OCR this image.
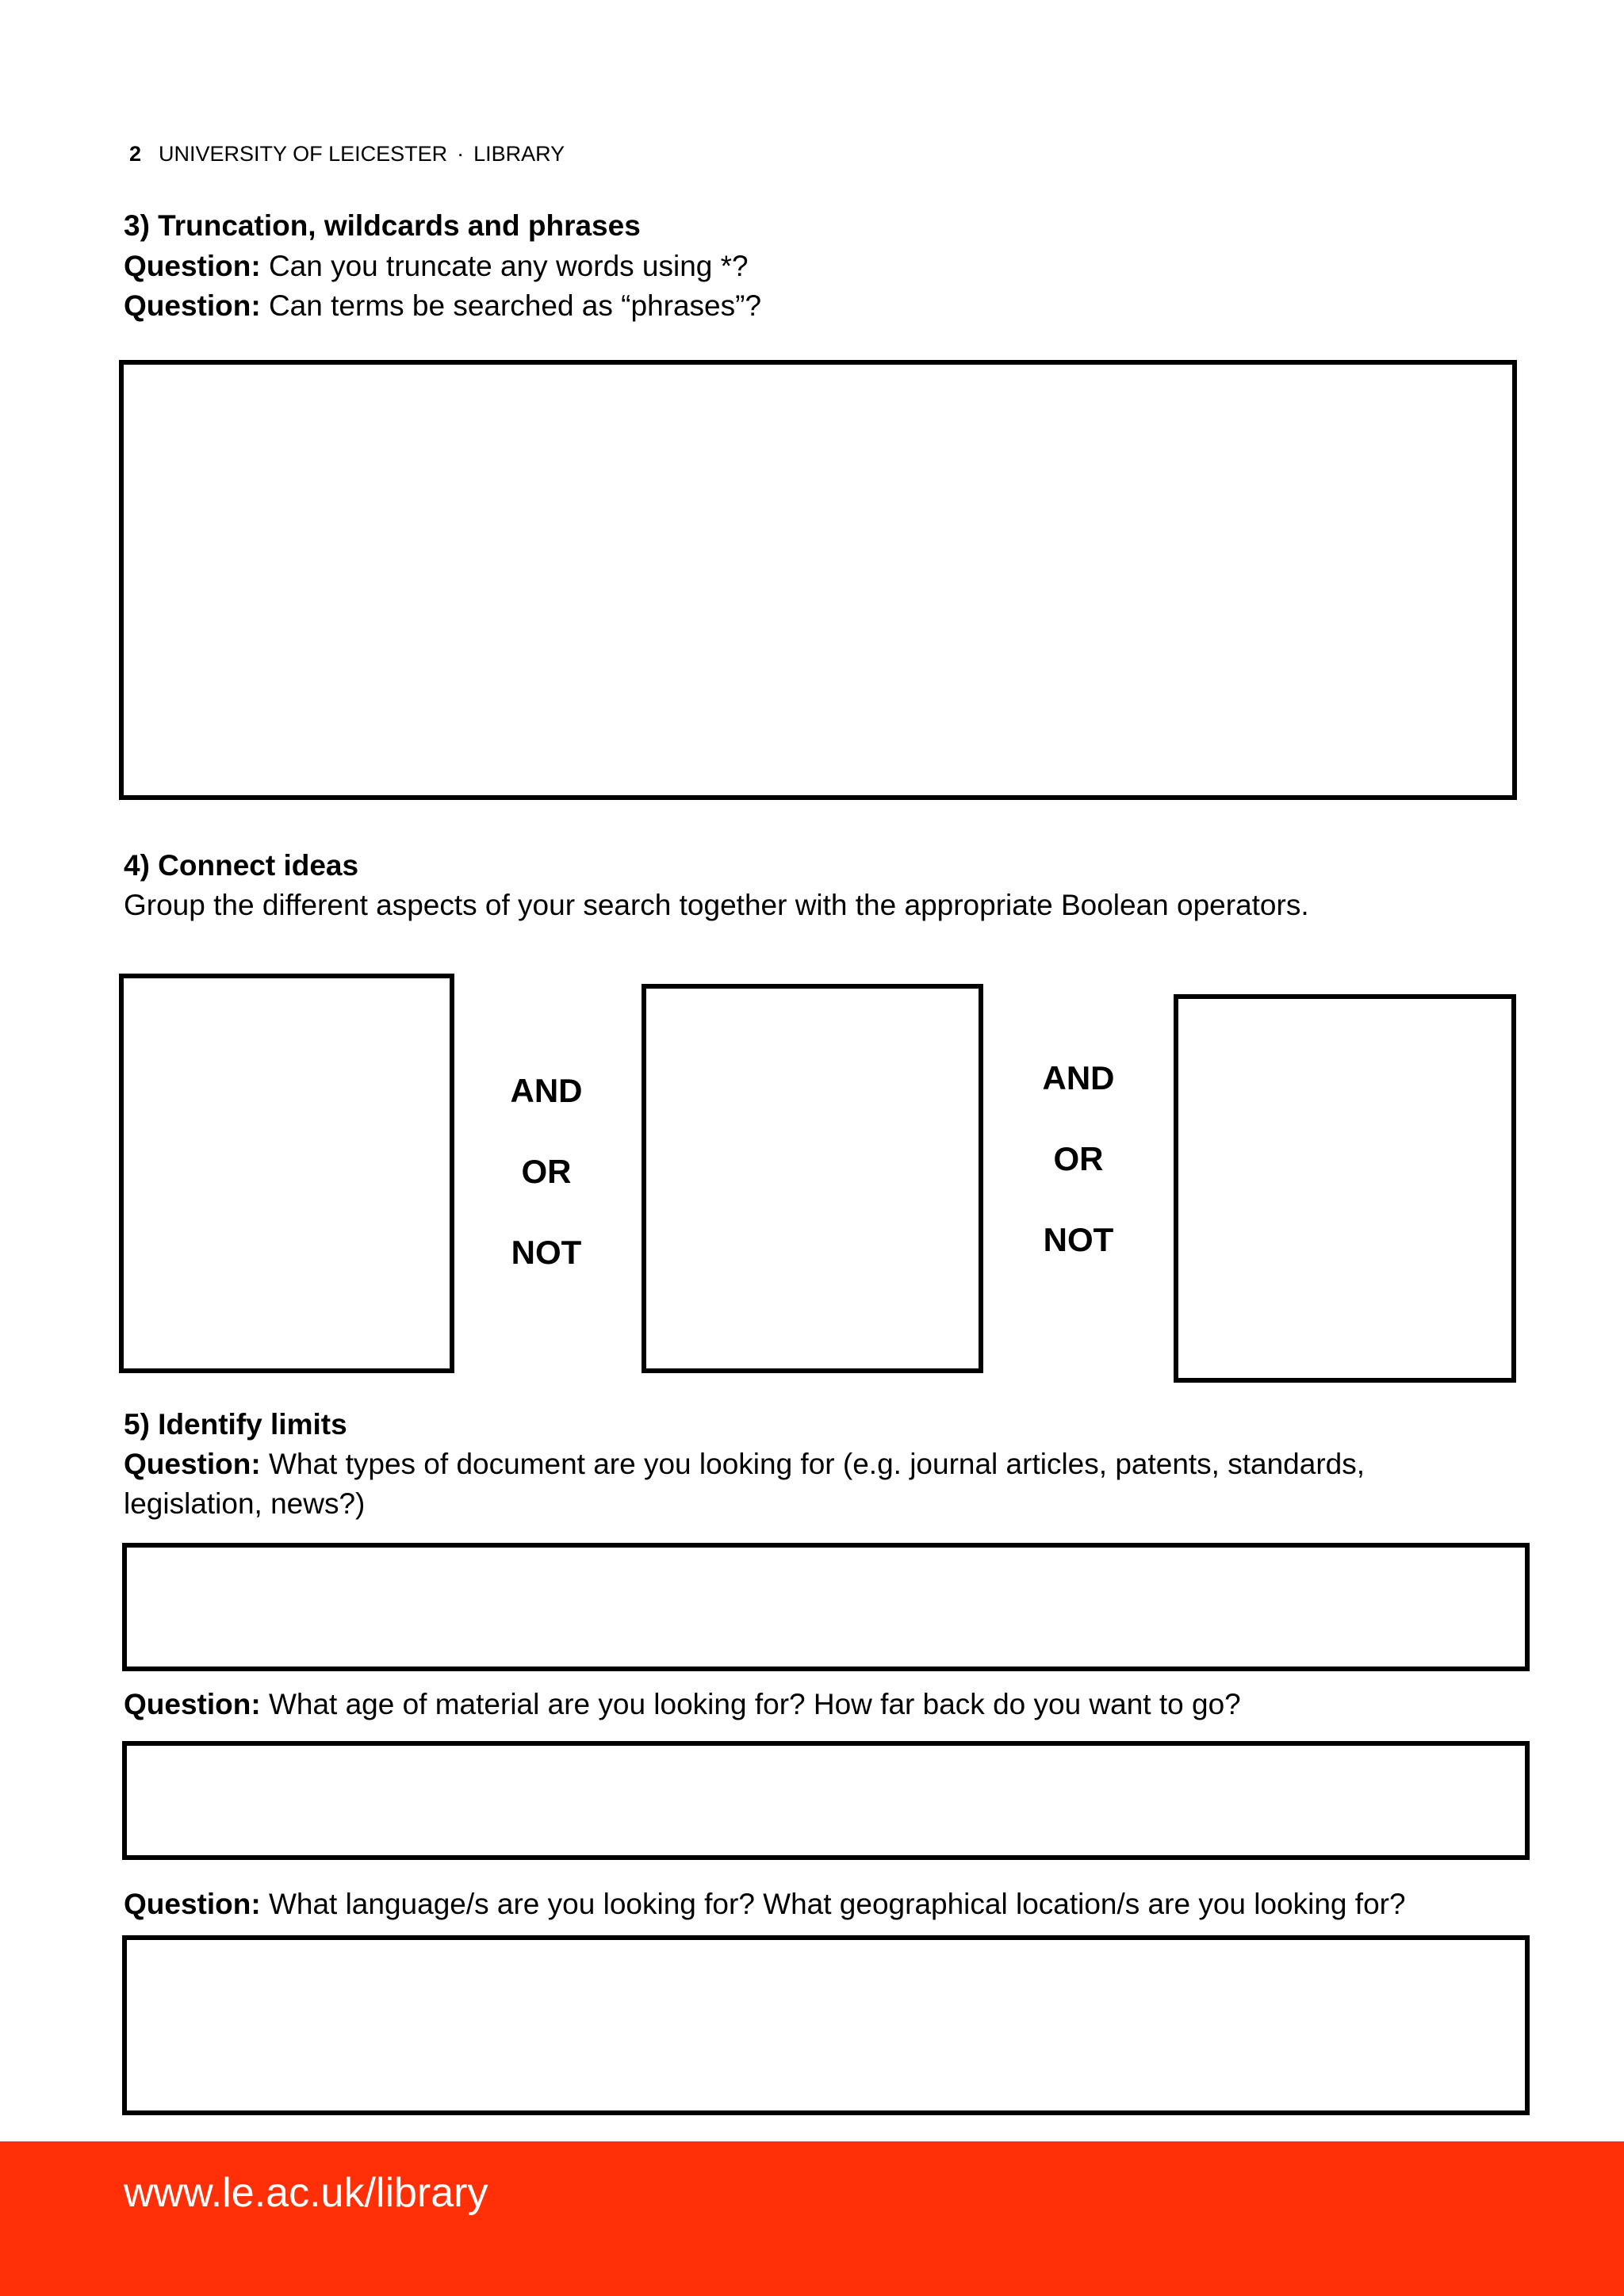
2 UNIVERSITY OF LEICESTER · LIBRARY
3) Truncation, wildcards and phrases
Question: Can you truncate any words using *?
Question: Can terms be searched as “phrases”?
4) Connect ideas
Group the different aspects of your search together with the appropriate Boolean operators.
AND
OR
NOT
AND
OR
NOT
5) Identify limits
Question: What types of document are you looking for (e.g. journal articles, patents, standards,
legislation, news?)
Question: What age of material are you looking for? How far back do you want to go?
Question: What language/s are you looking for? What geographical location/s are you looking for?
www.le.ac.uk/library
